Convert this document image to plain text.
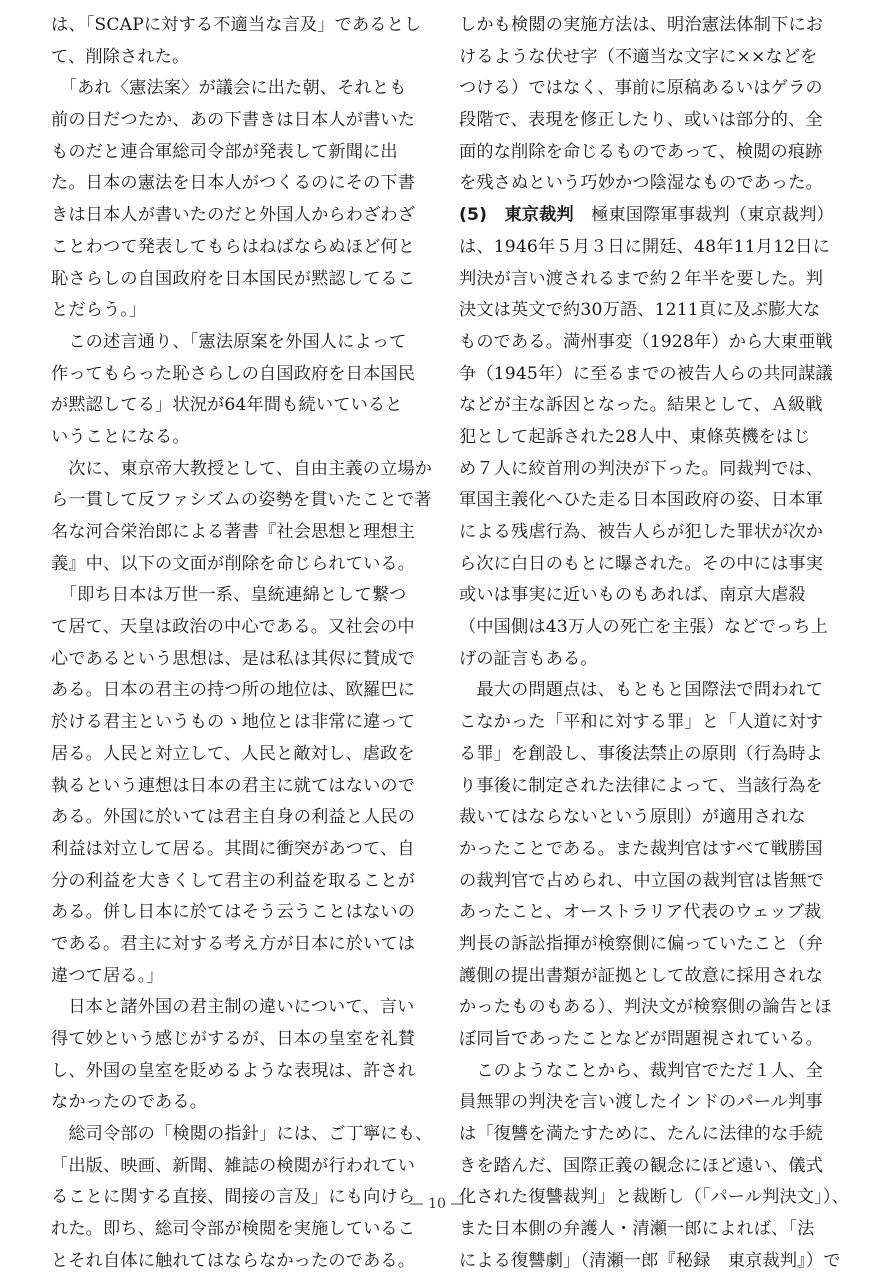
は、「SCAPに対する不適当な言及」であるとし
て、削除された。
　「あれ〈憲法案〉が議会に出た朝、それとも
前の日だつたか、あの下書きは日本人が書いた
ものだと連合軍総司令部が発表して新聞に出
た。日本の憲法を日本人がつくるのにその下書
きは日本人が書いたのだと外国人からわざわざ
ことわつて発表してもらはねばならぬほど何と
恥さらしの自国政府を日本国民が黙認してるこ
とだらう。」
　この述言通り、「憲法原案を外国人によって
作ってもらった恥さらしの自国政府を日本国民
が黙認してる」状況が64年間も続いていると
いうことになる。
　次に、東京帝大教授として、自由主義の立場か
ら一貫して反ファシズムの姿勢を貫いたことで著
名な河合栄治郎による著書『社会思想と理想主
義』中、以下の文面が削除を命じられている。
　「即ち日本は万世一系、皇統連綿として繋つ
て居て、天皇は政治の中心である。又社会の中
心であるという思想は、是は私は其侭に賛成で
ある。日本の君主の持つ所の地位は、欧羅巴に
於ける君主というものゝ地位とは非常に違って
居る。人民と対立して、人民と敵対し、虐政を
執るという連想は日本の君主に就てはないので
ある。外国に於いては君主自身の利益と人民の
利益は対立して居る。其間に衝突があつて、自
分の利益を大きくして君主の利益を取ることが
ある。併し日本に於てはそう云うことはないの
である。君主に対する考え方が日本に於いては
違つて居る。」
　日本と諸外国の君主制の違いについて、言い
得て妙という感じがするが、日本の皇室を礼賛
し、外国の皇室を貶めるような表現は、許され
なかったのである。
　総司令部の「検閲の指針」には、ご丁寧にも、
「出版、映画、新聞、雑誌の検閲が行われてい
ることに関する直接、間接の言及」にも向けら
れた。即ち、総司令部が検閲を実施しているこ
とそれ自体に触れてはならなかったのである。
しかも検閲の実施方法は、明治憲法体制下にお
けるような伏せ字（不適当な文字に××などを
つける）ではなく、事前に原稿あるいはゲラの
段階で、表現を修正したり、或いは部分的、全
面的な削除を命じるものであって、検閲の痕跡
を残さぬという巧妙かつ陰湿なものであった。
(5)　 東京裁判　 極東国際軍事裁判（東京裁判）
は、1946年５月３日に開廷、48年11月12日に
判決が言い渡されるまで約２年半を要した。判
決文は英文で約30万語、1211頁に及ぶ膨大な
ものである。満州事変（1928年）から大東亜戦
争（1945年）に至るまでの被告人らの共同謀議
などが主な訴因となった。結果として、Ａ級戦
犯として起訴された28人中、東條英機をはじ
め７人に絞首刑の判決が下った。同裁判では、
軍国主義化へひた走る日本国政府の姿、日本軍
による残虐行為、被告人らが犯した罪状が次か
ら次に白日のもとに曝された。その中には事実
或いは事実に近いものもあれば、南京大虐殺
（中国側は43万人の死亡を主張）などでっち上
げの証言もある。
　最大の問題点は、もともと国際法で問われて
こなかった「平和に対する罪」と「人道に対す
る罪」を創設し、事後法禁止の原則（行為時よ
り事後に制定された法律によって、当該行為を
裁いてはならないという原則）が適用されな
かったことである。また裁判官はすべて戦勝国
の裁判官で占められ、中立国の裁判官は皆無で
あったこと、オーストラリア代表のウェッブ裁
判長の訴訟指揮が検察側に偏っていたこと（弁
護側の提出書類が証拠として故意に採用されな
かったものもある）、判決文が検察側の論告とほ
ぼ同旨であったことなどが問題視されている。
　このようなことから、裁判官でただ１人、全
員無罪の判決を言い渡したインドのパール判事
は「復讐を満たすために、たんに法律的な手続
きを踏んだ、国際正義の観念にほど遠い、儀式
化された復讐裁判」と裁断し（「パール判決文」）、
また日本側の弁護人・清瀬一郎によれば、「法
による復讐劇」（清瀬一郎『秘録　東京裁判』）で
— 10 —
